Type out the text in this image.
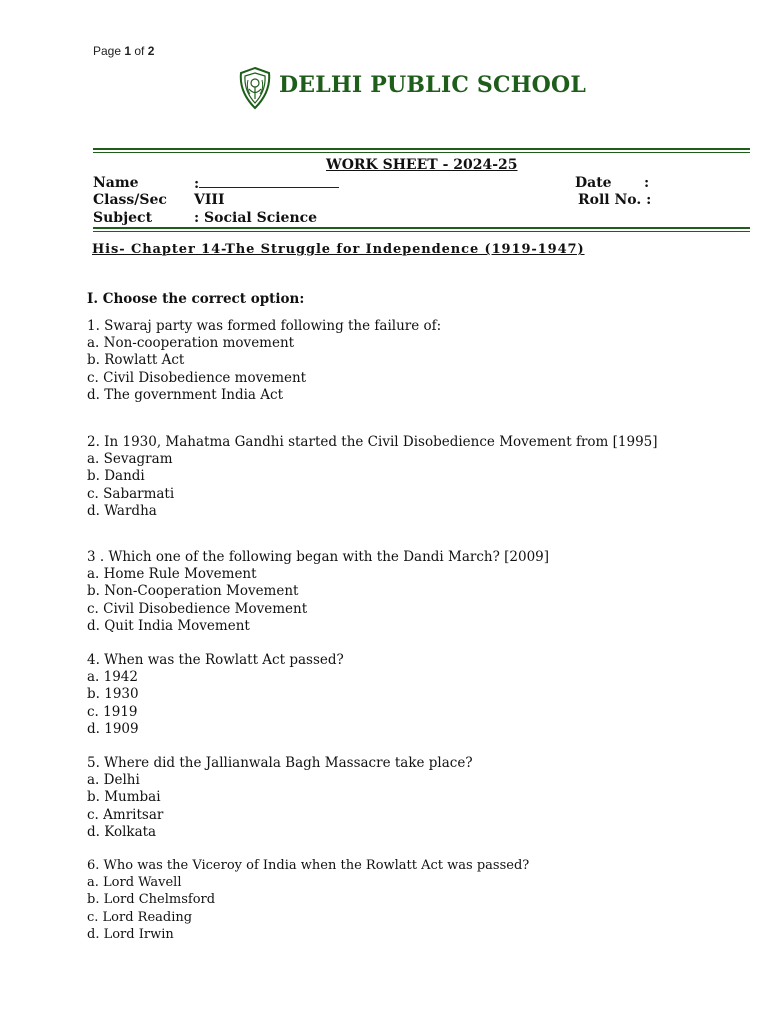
Page 1 of 2
DELHI PUBLIC SCHOOL
WORK SHEET - 2024-25
Name	:	Date :
Class/Sec VIII	Roll No. :
Subject	: Social Science
His- Chapter 14-The Struggle for Independence (1919-1947)
I. Choose the correct option:
1. Swaraj party was formed following the failure of:
a. Non-cooperation movement
b. Rowlatt Act
c. Civil Disobedience movement
d. The government India Act
2. In 1930, Mahatma Gandhi started the Civil Disobedience Movement from [1995]
a. Sevagram
b. Dandi
c. Sabarmati
d. Wardha
3 . Which one of the following began with the Dandi March? [2009]
a. Home Rule Movement
b. Non-Cooperation Movement
c. Civil Disobedience Movement
d. Quit India Movement
4. When was the Rowlatt Act passed?
a. 1942
b. 1930
c. 1919
d. 1909
5. Where did the Jallianwala Bagh Massacre take place?
a. Delhi
b. Mumbai
c. Amritsar
d. Kolkata
6. Who was the Viceroy of India when the Rowlatt Act was passed?
a. Lord Wavell
b. Lord Chelmsford
c. Lord Reading
d. Lord Irwin
